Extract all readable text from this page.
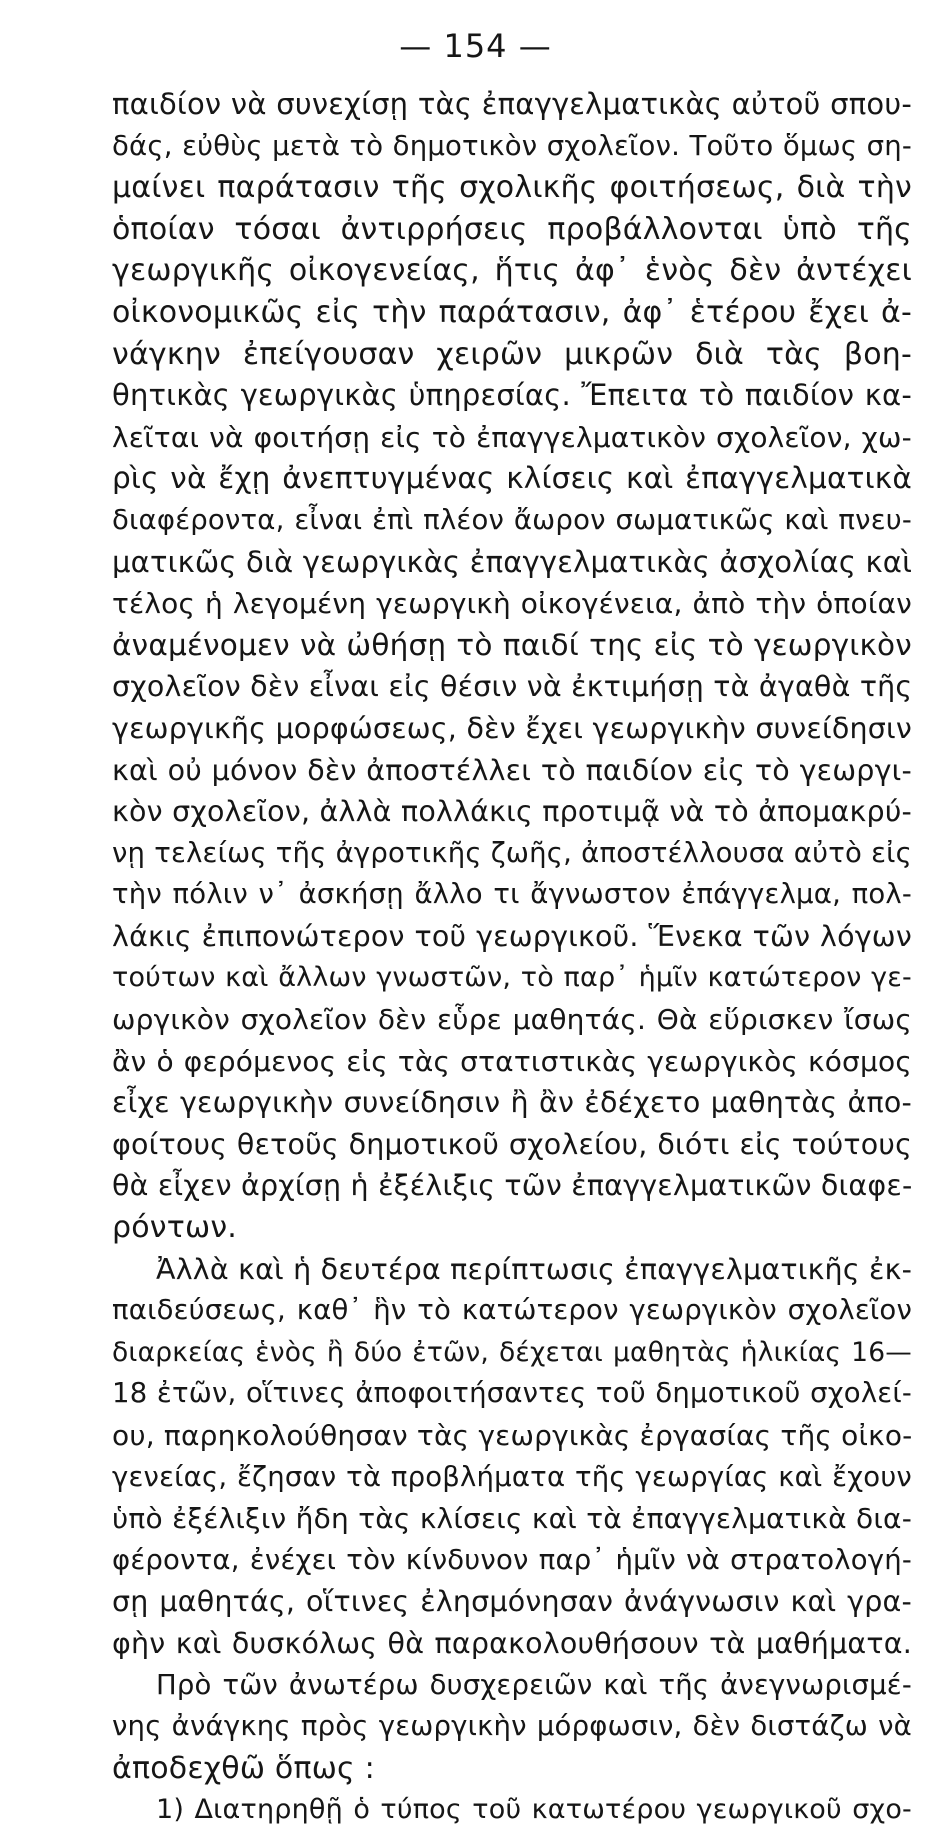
— 154 —
παιδίον νὰ συνεχίσῃ τὰς ἐπαγγελματικὰς αὐτοῦ σπου-
δάς, εὐθὺς μετὰ τὸ δημοτικὸν σχολεῖον. Τοῦτο ὅμως ση-
μαίνει παράτασιν τῆς σχολικῆς φοιτήσεως, διὰ τὴν
ὁποίαν τόσαι ἀντιρρήσεις προβάλλονται ὑπὸ τῆς
γεωργικῆς οἰκογενείας, ἥτις ἀφ᾿ ἑνὸς δὲν ἀντέχει
οἰκονομικῶς εἰς τὴν παράτασιν, ἀφ᾿ ἑτέρου ἔχει ἀ-
νάγκην ἐπείγουσαν χειρῶν μικρῶν διὰ τὰς βοη-
θητικὰς γεωργικὰς ὑπηρεσίας. Ἔπειτα τὸ παιδίον κα-
λεῖται νὰ φοιτήσῃ εἰς τὸ ἐπαγγελματικὸν σχολεῖον, χω-
ρὶς νὰ ἔχῃ ἀνεπτυγμένας κλίσεις καὶ ἐπαγγελματικὰ
διαφέροντα, εἶναι ἐπὶ πλέον ἄωρον σωματικῶς καὶ πνευ-
ματικῶς διὰ γεωργικὰς ἐπαγγελματικὰς ἀσχολίας καὶ
τέλος ἡ λεγομένη γεωργικὴ οἰκογένεια, ἀπὸ τὴν ὁποίαν
ἀναμένομεν νὰ ὠθήσῃ τὸ παιδί της εἰς τὸ γεωργικὸν
σχολεῖον δὲν εἶναι εἰς θέσιν νὰ ἐκτιμήσῃ τὰ ἀγαθὰ τῆς
γεωργικῆς μορφώσεως, δὲν ἔχει γεωργικὴν συνείδησιν
καὶ οὐ μόνον δὲν ἀποστέλλει τὸ παιδίον εἰς τὸ γεωργι-
κὸν σχολεῖον, ἀλλὰ πολλάκις προτιμᾷ νὰ τὸ ἀπομακρύ-
νῃ τελείως τῆς ἀγροτικῆς ζωῆς, ἀποστέλλουσα αὐτὸ εἰς
τὴν πόλιν ν᾿ ἀσκήσῃ ἄλλο τι ἄγνωστον ἐπάγγελμα, πολ-
λάκις ἐπιπονώτερον τοῦ γεωργικοῦ. Ἕνεκα τῶν λόγων
τούτων καὶ ἄλλων γνωστῶν, τὸ παρ᾿ ἡμῖν κατώτερον γε-
ωργικὸν σχολεῖον δὲν εὗρε μαθητάς. Θὰ εὕρισκεν ἴσως
ἂν ὁ φερόμενος εἰς τὰς στατιστικὰς γεωργικὸς κόσμος
εἶχε γεωργικὴν συνείδησιν ἢ ἂν ἐδέχετο μαθητὰς ἀπο-
φοίτους θετοῦς δημοτικοῦ σχολείου, διότι εἰς τούτους
θὰ εἶχεν ἀρχίσῃ ἡ ἐξέλιξις τῶν ἐπαγγελματικῶν διαφε-
ρόντων.
Ἀλλὰ καὶ ἡ δευτέρα περίπτωσις ἐπαγγελματικῆς ἐκ-
παιδεύσεως, καθ᾿ ἣν τὸ κατώτερον γεωργικὸν σχολεῖον
διαρκείας ἑνὸς ἢ δύο ἐτῶν, δέχεται μαθητὰς ἡλικίας 16—
18 ἐτῶν, οἵτινες ἀποφοιτήσαντες τοῦ δημοτικοῦ σχολεί-
ου, παρηκολούθησαν τὰς γεωργικὰς ἐργασίας τῆς οἰκο-
γενείας, ἔζησαν τὰ προβλήματα τῆς γεωργίας καὶ ἔχουν
ὑπὸ ἐξέλιξιν ἤδη τὰς κλίσεις καὶ τὰ ἐπαγγελματικὰ δια-
φέροντα, ἐνέχει τὸν κίνδυνον παρ᾿ ἡμῖν νὰ στρατολογή-
σῃ μαθητάς, οἵτινες ἐλησμόνησαν ἀνάγνωσιν καὶ γρα-
φὴν καὶ δυσκόλως θὰ παρακολουθήσουν τὰ μαθήματα.
Πρὸ τῶν ἀνωτέρω δυσχερειῶν καὶ τῆς ἀνεγνωρισμέ-
νης ἀνάγκης πρὸς γεωργικὴν μόρφωσιν, δὲν διστάζω νὰ
ἀποδεχθῶ ὅπως :
1) Διατηρηθῇ ὁ τύπος τοῦ κατωτέρου γεωργικοῦ σχο-
